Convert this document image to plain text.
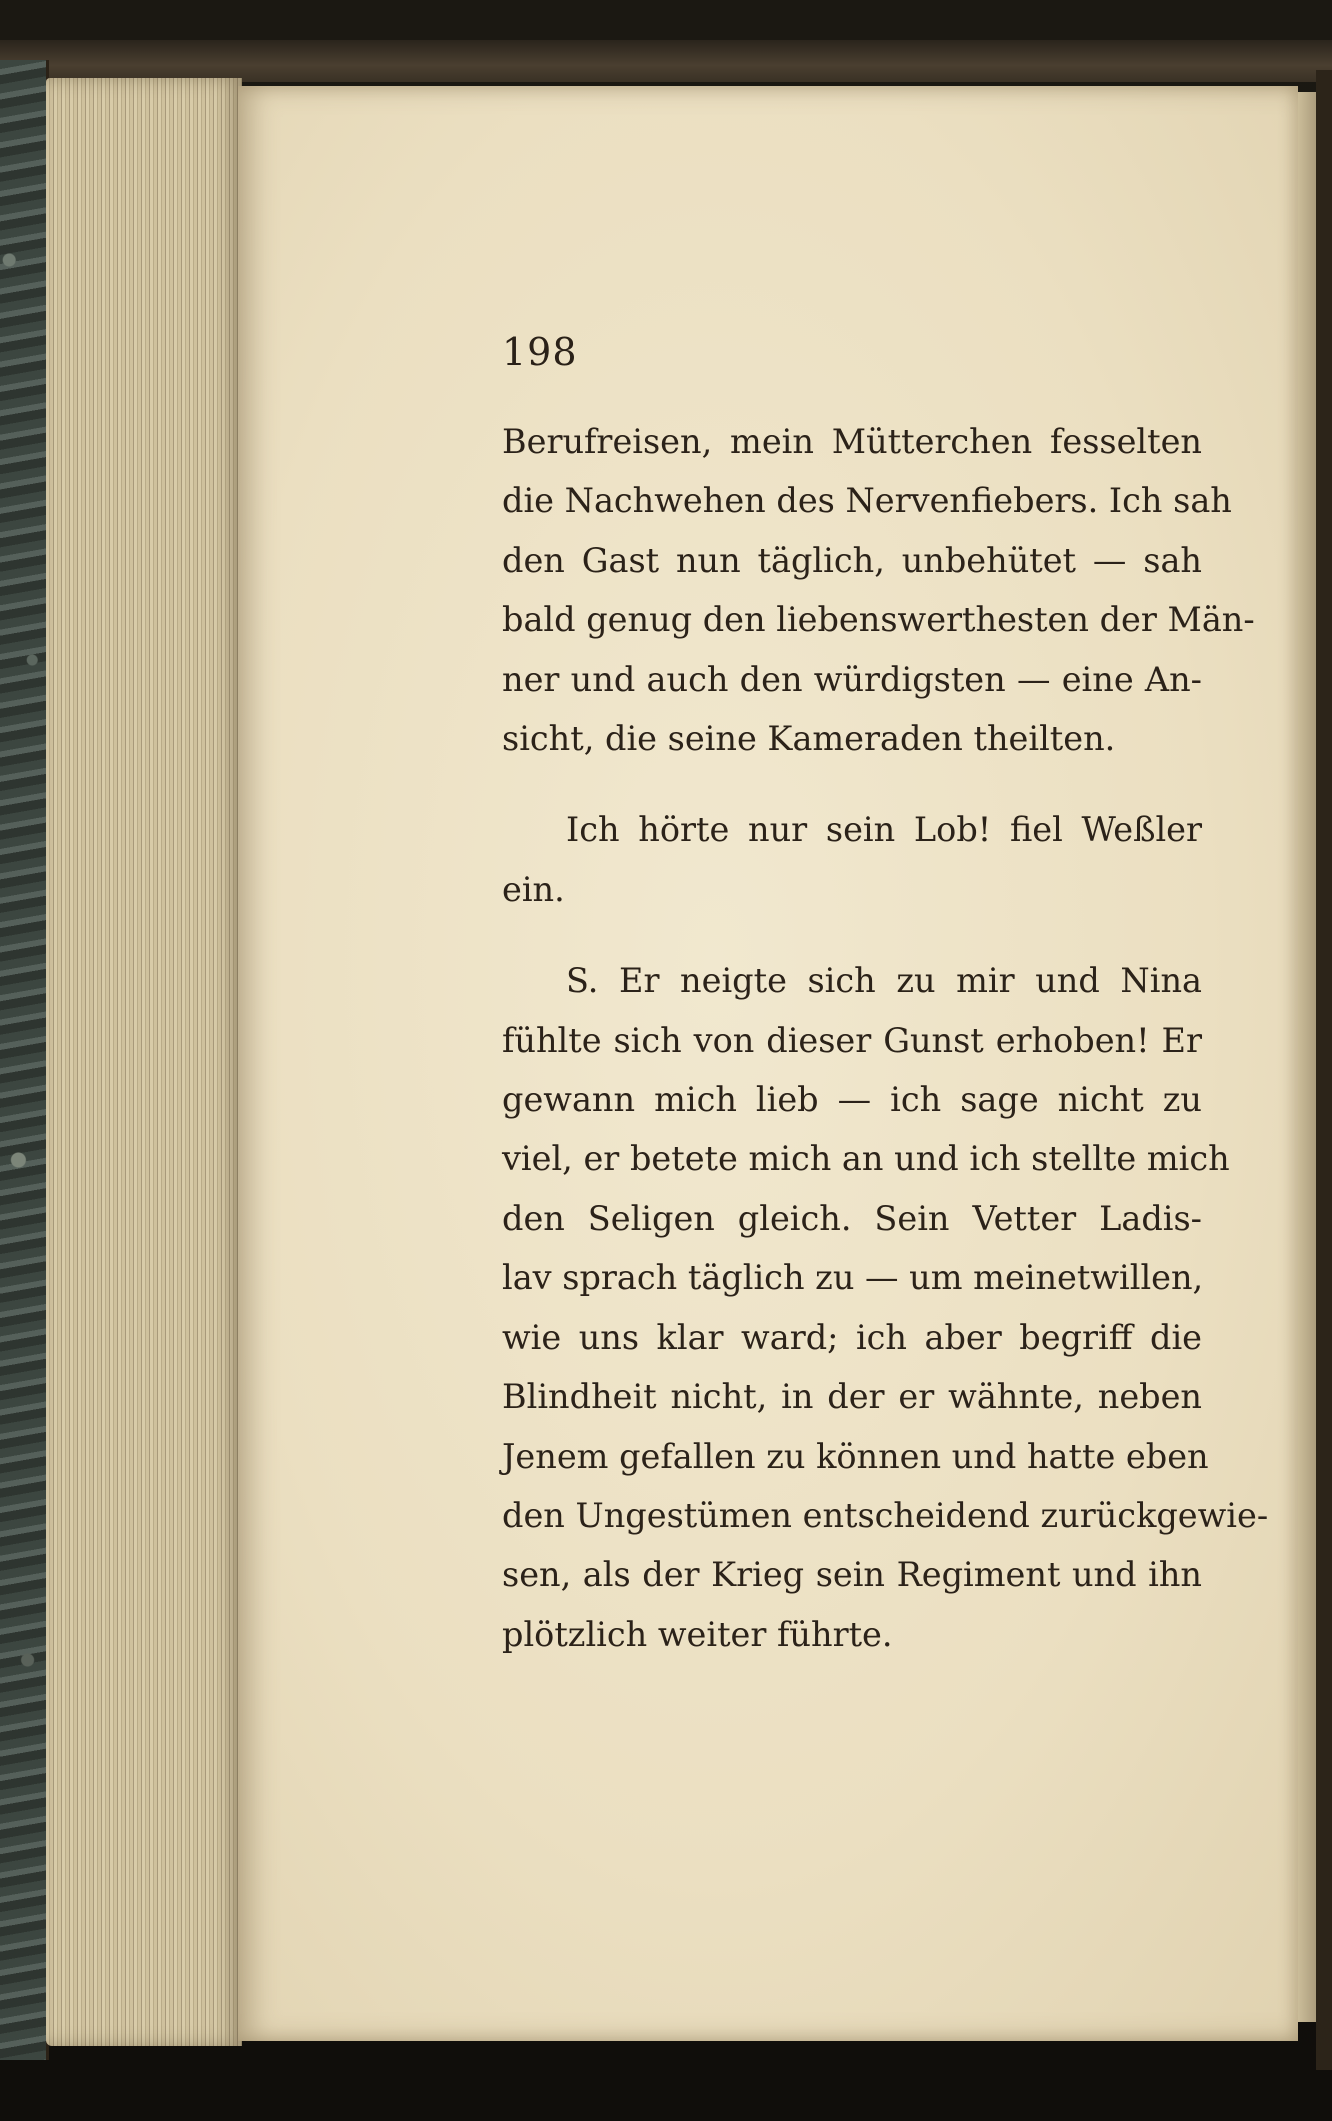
198
Berufreisen, mein Mütterchen fesselten
die Nachwehen des Nervenfiebers. Ich sah
den Gast nun täglich, unbehütet — sah
bald genug den liebenswerthesten der Män-
ner und auch den würdigsten — eine An-
sicht, die seine Kameraden theilten.
Ich hörte nur sein Lob! fiel Weßler
ein.
S. Er neigte sich zu mir und Nina
fühlte sich von dieser Gunst erhoben! Er
gewann mich lieb — ich sage nicht zu
viel, er betete mich an und ich stellte mich
den Seligen gleich. Sein Vetter Ladis-
lav sprach täglich zu — um meinetwillen,
wie uns klar ward; ich aber begriff die
Blindheit nicht, in der er wähnte, neben
Jenem gefallen zu können und hatte eben
den Ungestümen entscheidend zurückgewie-
sen, als der Krieg sein Regiment und ihn
plötzlich weiter führte.
